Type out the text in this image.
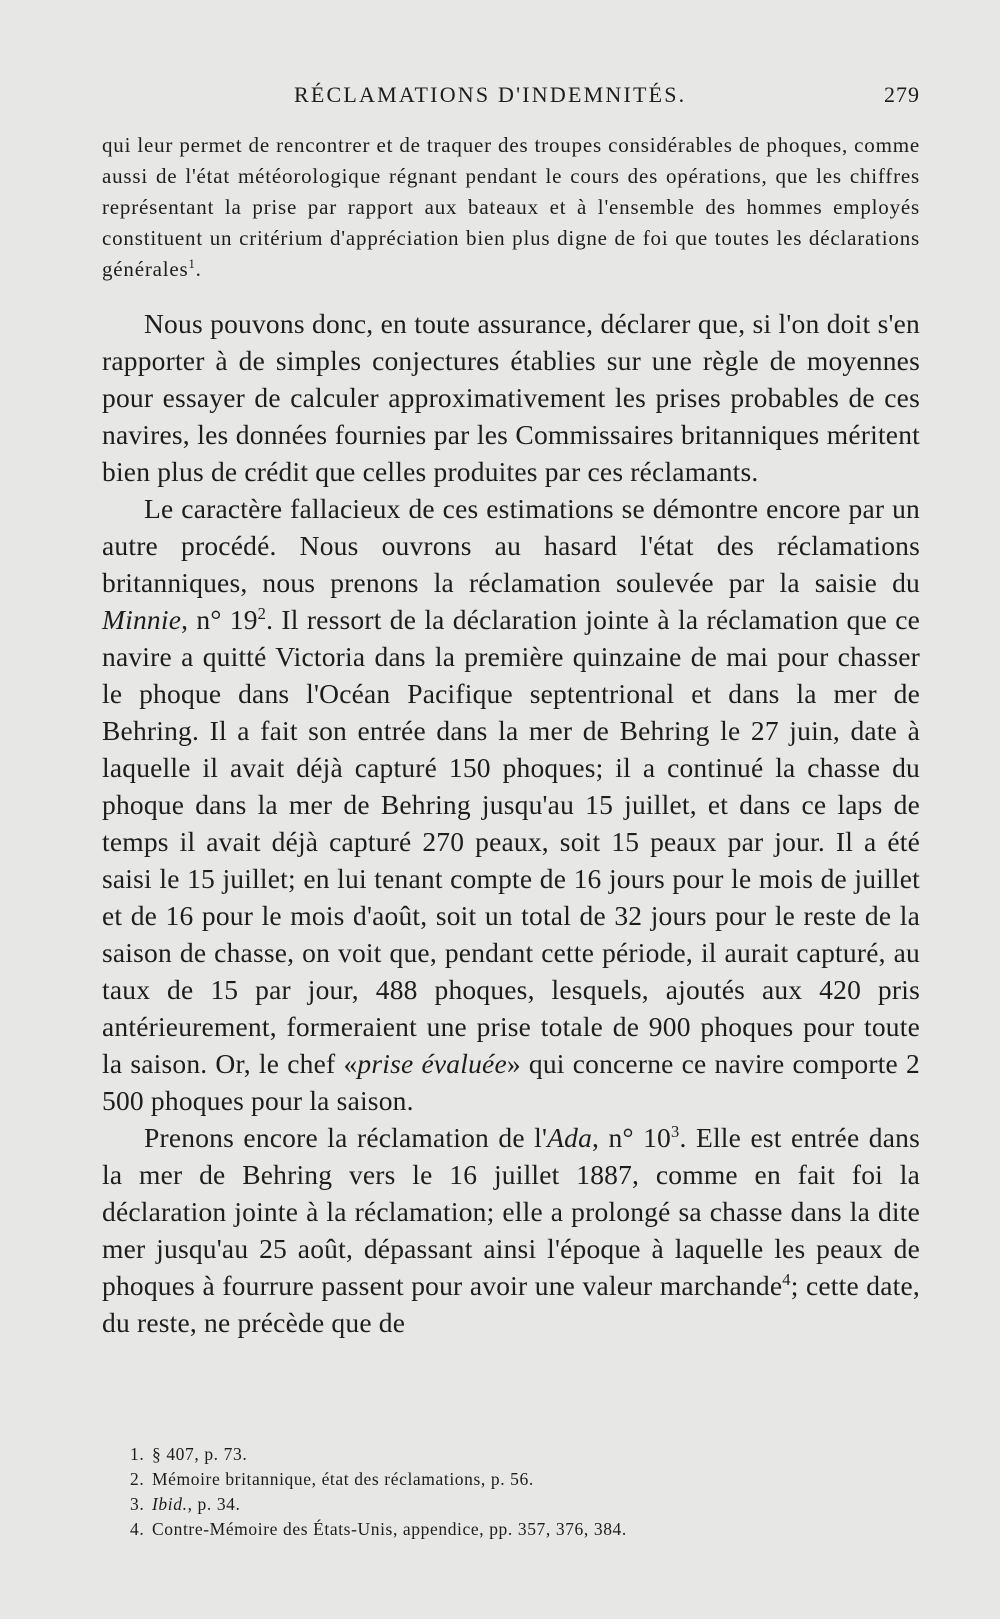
RÉCLAMATIONS D'INDEMNITÉS.	279

qui leur permet de rencontrer et de traquer des troupes considérables de phoques, comme aussi de l'état météorologique régnant pendant le cours des opérations, que les chiffres représentant la prise par rapport aux bateaux et à l'ensemble des hommes employés constituent un critérium d'appréciation bien plus digne de foi que toutes les déclarations générales$^1$.

Nous pouvons donc, en toute assurance, déclarer que, si l'on doit s'en rapporter à de simples conjectures établies sur une règle de moyennes pour essayer de calculer approximativement les prises probables de ces navires, les données fournies par les Commissaires britanniques méritent bien plus de crédit que celles produites par ces réclamants.

Le caractère fallacieux de ces estimations se démontre encore par un autre procédé. Nous ouvrons au hasard l'état des réclamations britanniques, nous prenons la réclamation soulevée par la saisie du Minnie, n° 19$^2$. Il ressort de la déclaration jointe à la réclamation que ce navire a quitté Victoria dans la première quinzaine de mai pour chasser le phoque dans l'Océan Pacifique septentrional et dans la mer de Behring. Il a fait son entrée dans la mer de Behring le 27 juin, date à laquelle il avait déjà capturé 150 phoques; il a continué la chasse du phoque dans la mer de Behring jusqu'au 15 juillet, et dans ce laps de temps il avait déjà capturé 270 peaux, soit 15 peaux par jour. Il a été saisi le 15 juillet; en lui tenant compte de 16 jours pour le mois de juillet et de 16 pour le mois d'août, soit un total de 32 jours pour le reste de la saison de chasse, on voit que, pendant cette période, il aurait capturé, au taux de 15 par jour, 488 phoques, lesquels, ajoutés aux 420 pris antérieurement, formeraient une prise totale de 900 phoques pour toute la saison. Or, le chef «prise évaluée» qui concerne ce navire comporte 2 500 phoques pour la saison.

Prenons encore la réclamation de l'Ada, n° 10$^3$. Elle est entrée dans la mer de Behring vers le 16 juillet 1887, comme en fait foi la déclaration jointe à la réclamation; elle a prolongé sa chasse dans la dite mer jusqu'au 25 août, dépassant ainsi l'époque à laquelle les peaux de phoques à fourrure passent pour avoir une valeur marchande$^4$; cette date, du reste, ne précède que de

1. § 407, p. 73.
2. Mémoire britannique, état des réclamations, p. 56.
3. Ibid., p. 34.
4. Contre-Mémoire des États-Unis, appendice, pp. 357, 376, 384.
